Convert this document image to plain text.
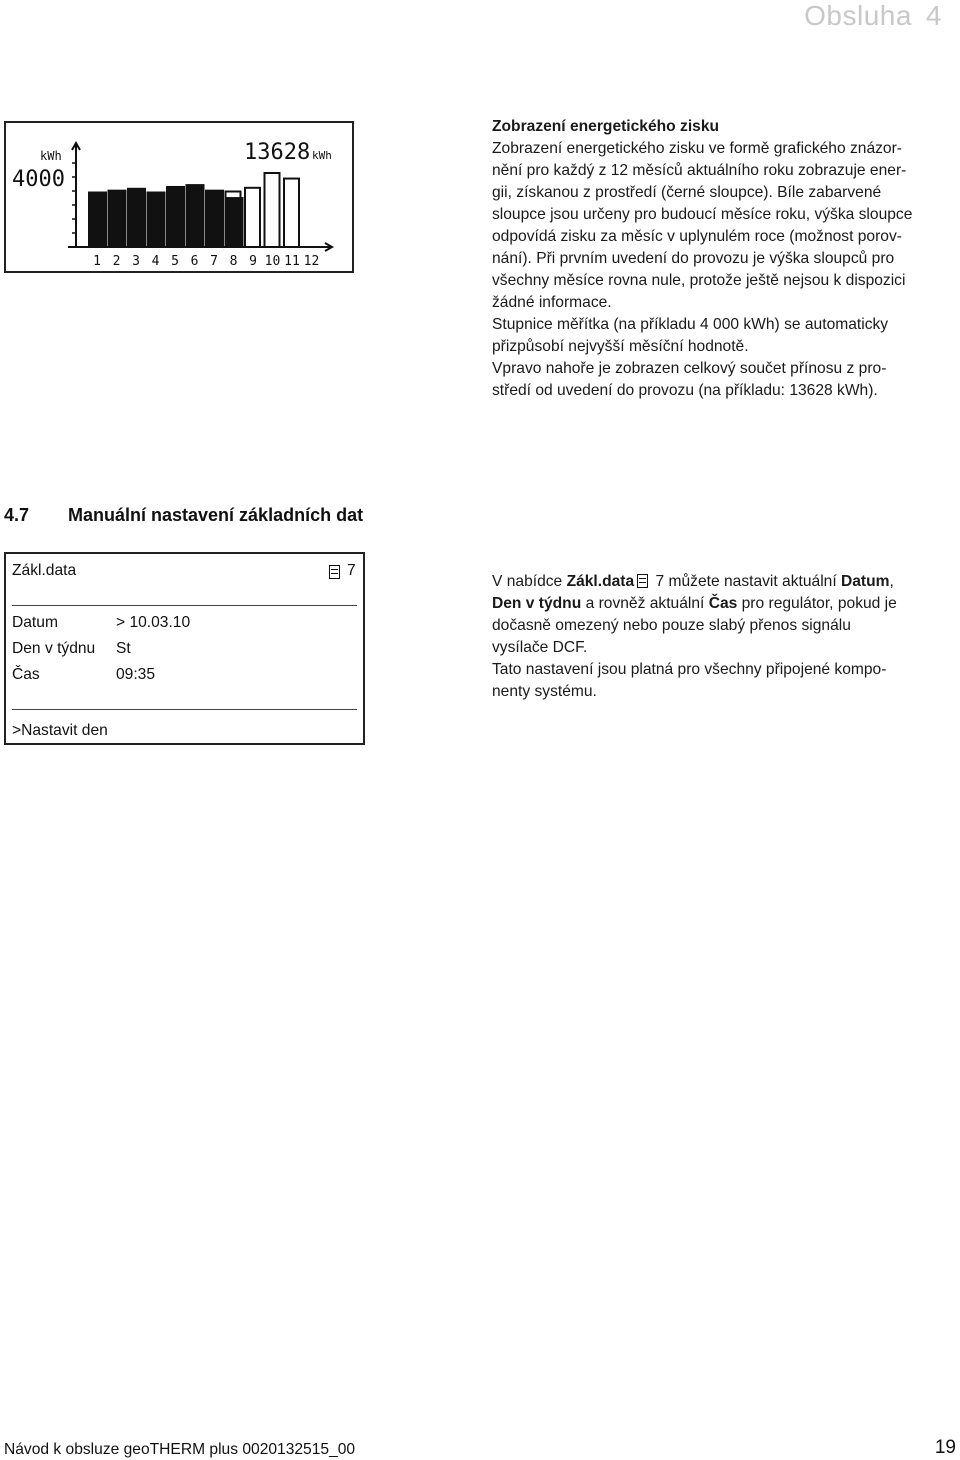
Obsluha 4
kWh
4000
13628 kWh
1 2 3 4 5 6 7 8 9 10 11 12

Zobrazení energetického zisku

Zobrazení energetického zisku ve formě grafického znázor-

nění pro každý z 12 měsíců aktuálního roku zobrazuje ener-

gii, získanou z prostředí (černé sloupce). Bíle zabarvené

sloupce jsou určeny pro budoucí měsíce roku, výška sloupce

odpovídá zisku za měsíc v uplynulém roce (možnost porov-

nání). Při prvním uvedení do provozu je výška sloupců pro

všechny měsíce rovna nule, protože ještě nejsou k dispozici

žádné informace.

Stupnice měřítka (na příkladu 4 000 kWh) se automaticky

přizpůsobí nejvyšší měsíční hodnotě.

Vpravo nahoře je zobrazen celkový součet přínosu z pro-

středí od uvedení do provozu (na příkladu: 13628 kWh).

4.7 Manuální nastavení základních dat
Zákl.data	7
Datum	> 10.03.10
Den v týdnu St
Čas	09:35
>Nastavit den

V nabídce Zákl.data 7 můžete nastavit aktuální Datum,

Den v týdnu a rovněž aktuální Čas pro regulátor, pokud je

dočasně omezený nebo pouze slabý přenos signálu

vysílače DCF.

Tato nastavení jsou platná pro všechny připojené kompo-

nenty systému.

Návod k obsluze geoTHERM plus 0020132515_00	19
